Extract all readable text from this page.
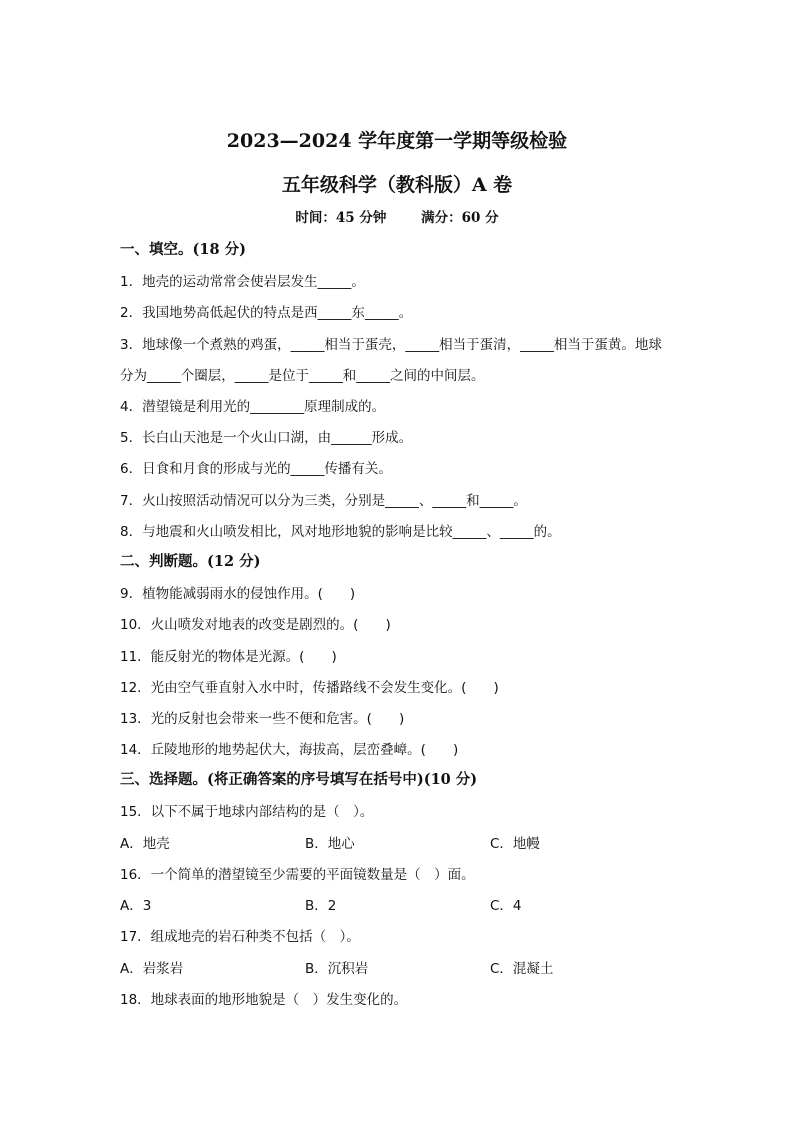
2023—2024 学年度第一学期等级检验
五年级科学（教科版）A 卷
时间：45 分钟	满分：60 分
一、填空。(18 分)
1．地壳的运动常常会使岩层发生_____。
2．我国地势高低起伏的特点是西_____东_____。
3．地球像一个煮熟的鸡蛋，_____相当于蛋壳，_____相当于蛋清，_____相当于蛋黄。地球
分为_____个圈层，_____是位于_____和_____之间的中间层。
4．潜望镜是利用光的________原理制成的。
5．长白山天池是一个火山口湖，由______形成。
6．日食和月食的形成与光的_____传播有关。
7．火山按照活动情况可以分为三类，分别是_____、_____和_____。
8．与地震和火山喷发相比，风对地形地貌的影响是比较_____、_____的。
二、判断题。(12 分)
9．植物能减弱雨水的侵蚀作用。(　　)
10．火山喷发对地表的改变是剧烈的。(　　)
11．能反射光的物体是光源。(　　)
12．光由空气垂直射入水中时，传播路线不会发生变化。(　　)
13．光的反射也会带来一些不便和危害。(　　)
14．丘陵地形的地势起伏大，海拔高，层峦叠嶂。(　　)
三、选择题。(将正确答案的序号填写在括号中)(10 分)
15．以下不属于地球内部结构的是（　）。
A．地壳	B．地心	C．地幔
16．一个简单的潜望镜至少需要的平面镜数量是（　）面。
A．3	B．2	C．4
17．组成地壳的岩石种类不包括（　）。
A．岩浆岩	B．沉积岩	C．混凝土
18．地球表面的地形地貌是（　）发生变化的。
